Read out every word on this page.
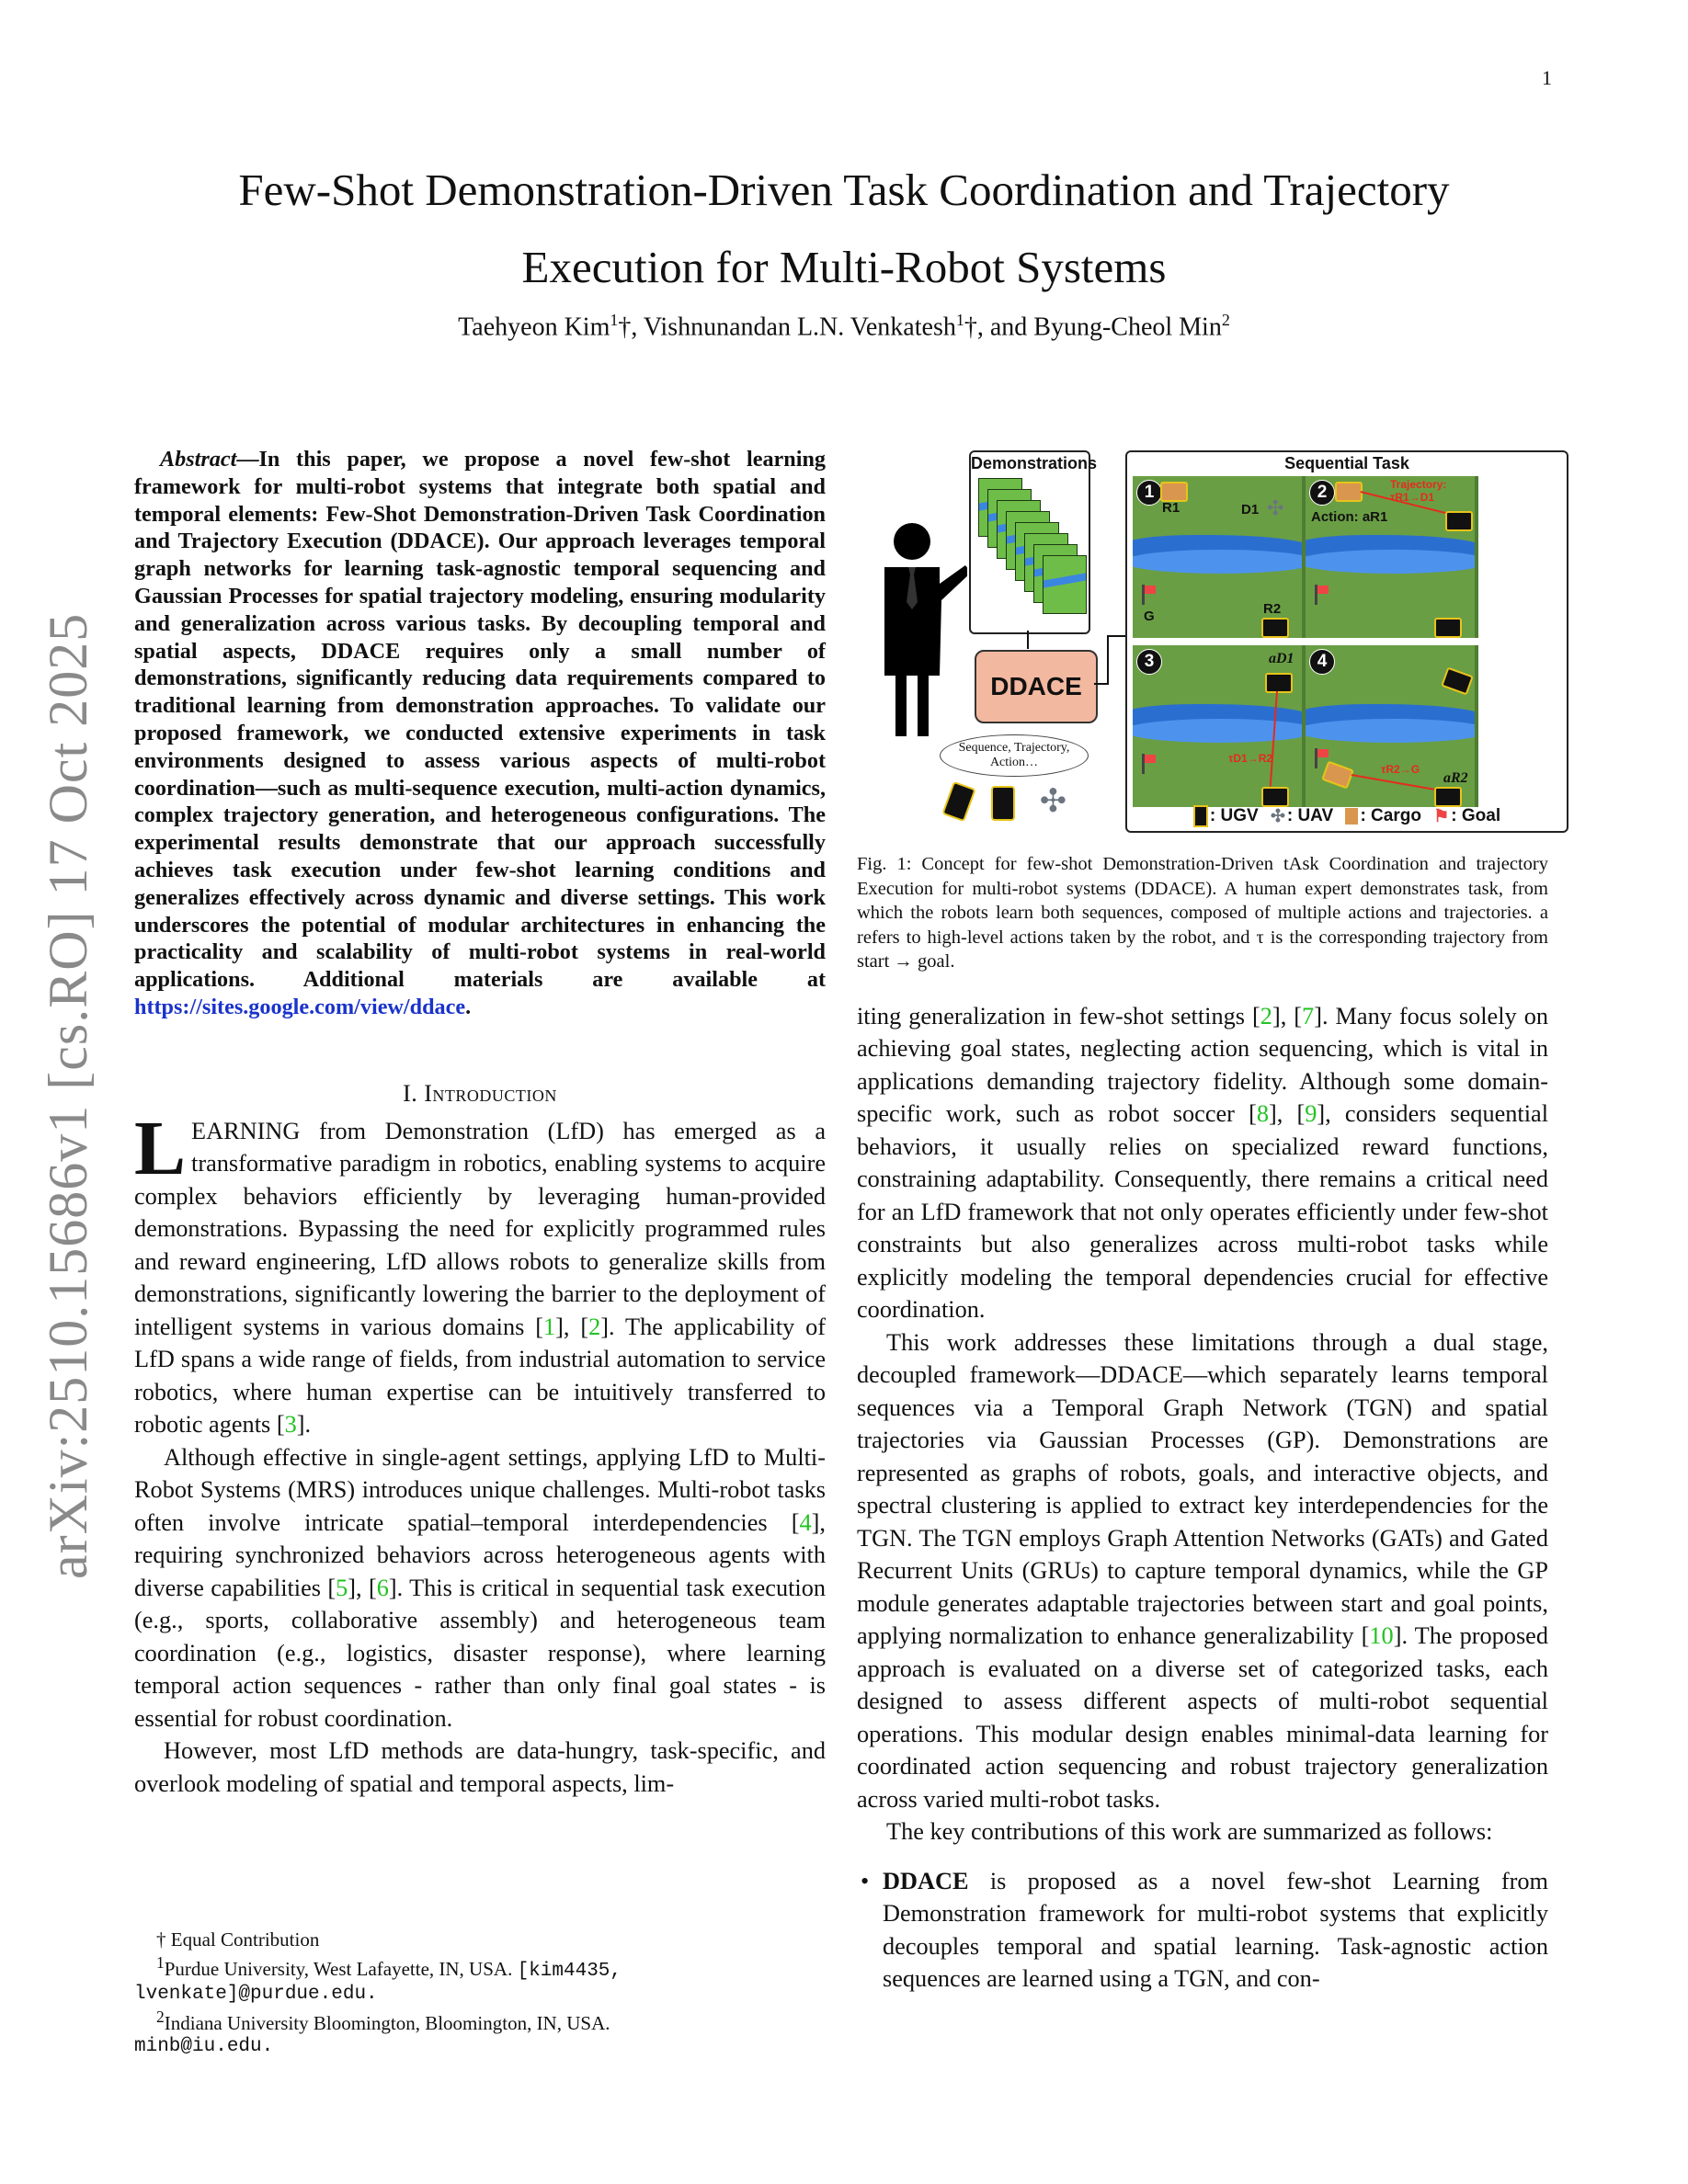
1
arXiv:2510.15686v1 [cs.RO] 17 Oct 2025
Few-Shot Demonstration-Driven Task Coordination and Trajectory
Execution for Multi-Robot Systems
Taehyeon Kim$^1$†, Vishnunandan L.N. Venkatesh$^1$†, and Byung-Cheol Min$^2$

Abstract—In this paper, we propose a novel few-shot learning framework for multi-robot systems that integrate both spatial and temporal elements: Few-Shot Demonstration-Driven Task Coordination and Trajectory Execution (DDACE). Our approach leverages temporal graph networks for learning task-agnostic temporal sequencing and Gaussian Processes for spatial trajectory modeling, ensuring modularity and generalization across various tasks. By decoupling temporal and spatial aspects, DDACE requires only a small number of demonstrations, significantly reducing data requirements compared to traditional learning from demonstration approaches. To validate our proposed framework, we conducted extensive experiments in task environments designed to assess various aspects of multi-robot coordination—such as multi-sequence execution, multi-action dynamics, complex trajectory generation, and heterogeneous configurations. The experimental results demonstrate that our approach successfully achieves task execution under few-shot learning conditions and generalizes effectively across dynamic and diverse settings. This work underscores the potential of modular architectures in enhancing the practicality and scalability of multi-robot systems in real-world applications. Additional materials are available at https://sites.google.com/view/ddace.

I. Introduction

LEARNING from Demonstration (LfD) has emerged as a transformative paradigm in robotics, enabling systems to acquire complex behaviors efficiently by leveraging human-provided demonstrations. Bypassing the need for explicitly programmed rules and reward engineering, LfD allows robots to generalize skills from demonstrations, significantly lowering the barrier to the deployment of intelligent systems in various domains [1], [2]. The applicability of LfD spans a wide range of fields, from industrial automation to service robotics, where human expertise can be intuitively transferred to robotic agents [3].

Although effective in single-agent settings, applying LfD to Multi-Robot Systems (MRS) introduces unique challenges. Multi-robot tasks often involve intricate spatial–temporal interdependencies [4], requiring synchronized behaviors across heterogeneous agents with diverse capabilities [5], [6]. This is critical in sequential task execution (e.g., sports, collaborative assembly) and heterogeneous team coordination (e.g., logistics, disaster response), where learning temporal action sequences - rather than only final goal states - is essential for robust coordination.

However, most LfD methods are data-hungry, task-specific, and overlook modeling of spatial and temporal aspects, lim-

† Equal Contribution

$^1$Purdue University, West Lafayette, IN, USA. [kim4435,

lvenkate]@purdue.edu.

$^2$Indiana University Bloomington, Bloomington, IN, USA.

minb@iu.edu.

Demonstrations
DDACE
Sequence, Trajectory, Action…
✣
Sequential Task
1
R1	D1
✣
G	R2
2	Trajectory: τR1→D1
Action: aR1
3	aD1
τD1→R2
4
τR2→G
aR2
: UGV ✣ : UAV : Cargo ⚑ : Goal

Fig. 1: Concept for few-shot Demonstration-Driven tAsk Coordination and trajectory Execution for multi-robot systems (DDACE). A human expert demonstrates task, from which the robots learn both sequences, composed of multiple actions and trajectories. a refers to high-level actions taken by the robot, and τ is the corresponding trajectory from start → goal.

iting generalization in few-shot settings [2], [7]. Many focus solely on achieving goal states, neglecting action sequencing, which is vital in applications demanding trajectory fidelity. Although some domain-specific work, such as robot soccer [8], [9], considers sequential behaviors, it usually relies on specialized reward functions, constraining adaptability. Consequently, there remains a critical need for an LfD framework that not only operates efficiently under few-shot constraints but also generalizes across multi-robot tasks while explicitly modeling the temporal dependencies crucial for effective coordination.

This work addresses these limitations through a dual stage, decoupled framework—DDACE—which separately learns temporal sequences via a Temporal Graph Network (TGN) and spatial trajectories via Gaussian Processes (GP). Demonstrations are represented as graphs of robots, goals, and interactive objects, and spectral clustering is applied to extract key interdependencies for the TGN. The TGN employs Graph Attention Networks (GATs) and Gated Recurrent Units (GRUs) to capture temporal dynamics, while the GP module generates adaptable trajectories between start and goal points, applying normalization to enhance generalizability [10]. The proposed approach is evaluated on a diverse set of categorized tasks, each designed to assess different aspects of multi-robot sequential operations. This modular design enables minimal-data learning for coordinated action sequencing and robust trajectory generalization across varied multi-robot tasks.

The key contributions of this work are summarized as follows:

• DDACE is proposed as a novel few-shot Learning from Demonstration framework for multi-robot systems that explicitly decouples temporal and spatial learning. Task-agnostic action sequences are learned using a TGN, and con-
